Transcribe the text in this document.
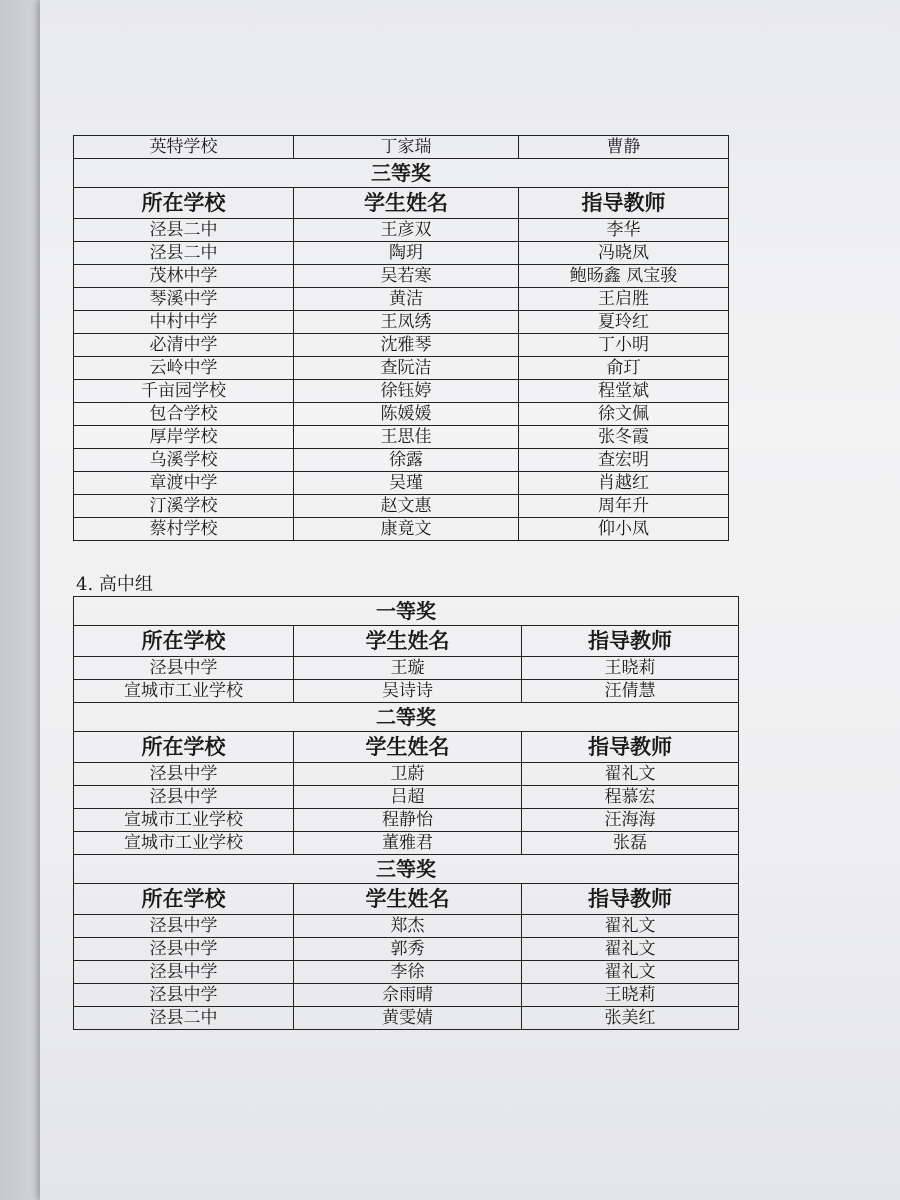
英特学校	丁家瑞	曹静
三等奖		
所在学校	学生姓名	指导教师
泾县二中	王彦双	李华
泾县二中	陶玥	冯晓凤
茂林中学	吴若寒	鲍旸鑫 凤宝骏
琴溪中学	黄洁	王启胜
中村中学	王凤绣	夏玲红
必清中学	沈雅琴	丁小明
云岭中学	查阮洁	俞玎
千亩园学校	徐钰婷	程堂斌
包合学校	陈媛媛	徐文佩
厚岸学校	王思佳	张冬霞
乌溪学校	徐露	查宏明
章渡中学	吴瑾	肖越红
汀溪学校	赵文惠	周年升
蔡村学校	康竟文	仰小凤
4. 高中组
一等奖		
所在学校	学生姓名	指导教师
泾县中学	王璇	王晓莉
宣城市工业学校	吴诗诗	汪倩慧
二等奖		
所在学校	学生姓名	指导教师
泾县中学	卫蔚	翟礼文
泾县中学	吕超	程慕宏
宣城市工业学校	程静怡	汪海海
宣城市工业学校	董雅君	张磊
三等奖		
所在学校	学生姓名	指导教师
泾县中学	郑杰	翟礼文
泾县中学	郭秀	翟礼文
泾县中学	李徐	翟礼文
泾县中学	佘雨晴	王晓莉
泾县二中	黄雯婧	张美红
